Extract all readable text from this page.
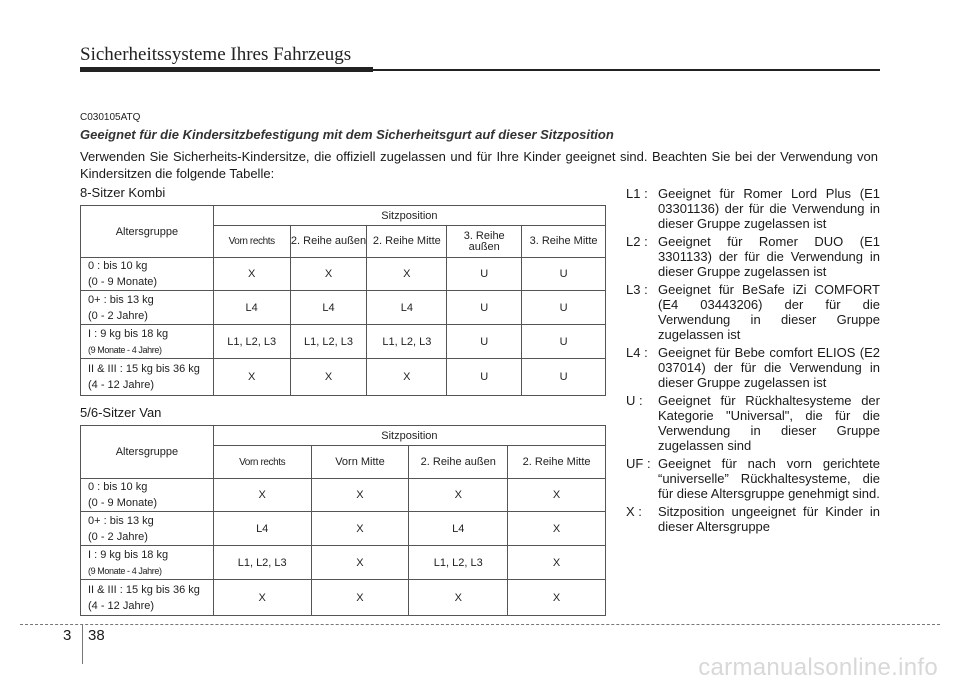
Sicherheitssysteme Ihres Fahrzeugs
C030105ATQ
Geeignet für die Kindersitzbefestigung mit dem Sicherheitsgurt auf dieser Sitzposition
Verwenden Sie Sicherheits-Kindersitze, die offiziell zugelassen und für Ihre Kinder geeignet sind. Beachten Sie bei der Verwendung von Kindersitzen die folgende Tabelle:
8-Sitzer Kombi
Altersgruppe	Sitzposition				
	Vorn rechts	2. Reihe außen	2. Reihe Mitte	3. Reihe außen	3. Reihe Mitte

0 : bis 10 kg
(0 - 9 Monate)	X	X	X	U	U

0+ : bis 13 kg
(0 - 2 Jahre)	L4	L4	L4	U	U

I : 9 kg bis 18 kg
(9 Monate - 4 Jahre)	L1, L2, L3	L1, L2, L3	L1, L2, L3	U	U

II & III : 15 kg bis 36 kg
(4 - 12 Jahre)	X	X	X	U	U
5/6-Sitzer Van
Altersgruppe	Sitzposition			
	Vorn rechts	Vorn Mitte	2. Reihe außen	2. Reihe Mitte

0 : bis 10 kg
(0 - 9 Monate)	X	X	X	X

0+ : bis 13 kg
(0 - 2 Jahre)	L4	X	L4	X

I : 9 kg bis 18 kg
(9 Monate - 4 Jahre)	L1, L2, L3	X	L1, L2, L3	X

II & III : 15 kg bis 36 kg
(4 - 12 Jahre)	X	X	X	X
L1 : Geeignet für Romer Lord Plus (E1 03301136) der für die Verwendung in dieser Gruppe zugelassen ist
L2 : Geeignet für Romer DUO (E1 3301133) der für die Verwendung in dieser Gruppe zugelassen ist
L3 : Geeignet für BeSafe iZi COMFORT (E4 03443206) der für die Verwendung in dieser Gruppe zugelassen ist
L4 : Geeignet für Bebe comfort ELIOS (E2 037014) der für die Verwendung in dieser Gruppe zugelassen ist
U :	Geeignet für Rückhaltesysteme der Kategorie "Universal", die für die Verwendung in dieser Gruppe zugelassen sind
UF : Geeignet für nach vorn gerichtete “universelle” Rückhaltesysteme, die für diese Altersgruppe genehmigt sind.
X :	Sitzposition ungeeignet für Kinder in dieser Altersgruppe
3 38
carmanualsonline.info
